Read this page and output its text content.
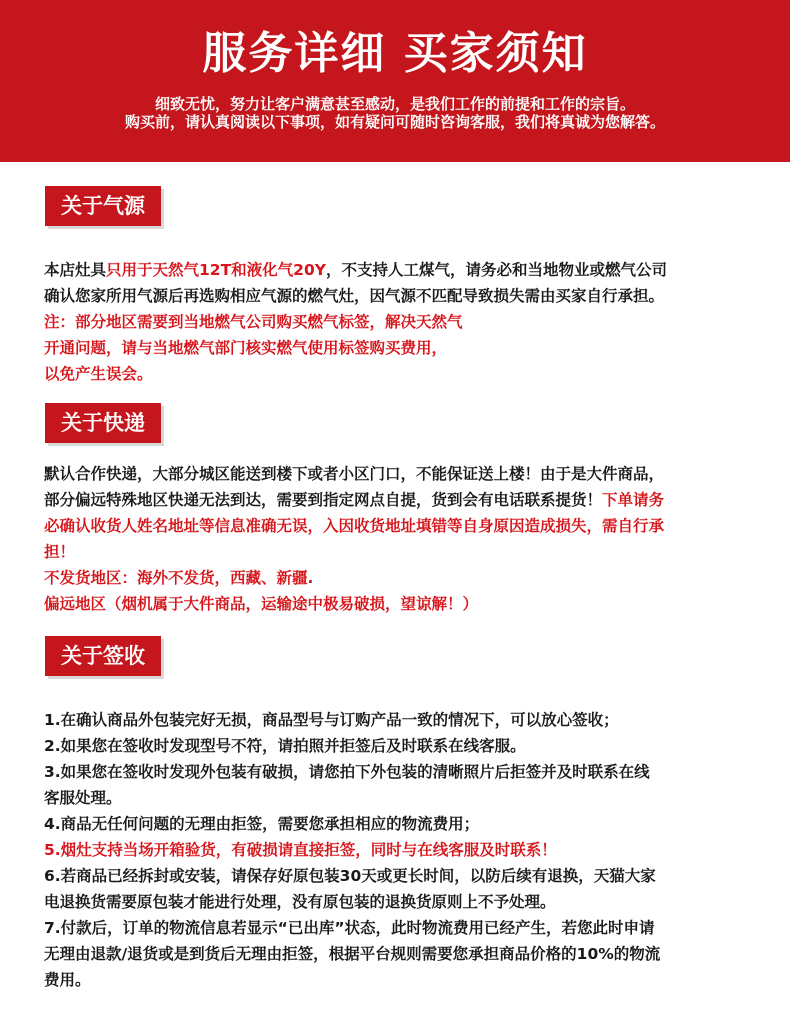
服务详细 买家须知
细致无忧，努力让客户满意甚至感动，是我们工作的前提和工作的宗旨。
购买前，请认真阅读以下事项，如有疑问可随时咨询客服，我们将真诚为您解答。
关于气源

本店灶具只用于天然气12T和液化气20Y，不支持人工煤气，请务必和当地物业或燃气公司

确认您家所用气源后再选购相应气源的燃气灶，因气源不匹配导致损失需由买家自行承担。

注：部分地区需要到当地燃气公司购买燃气标签，解决天然气

开通问题，请与当地燃气部门核实燃气使用标签购买费用，

以免产生误会。

关于快递

默认合作快递，大部分城区能送到楼下或者小区门口，不能保证送上楼！由于是大件商品，

部分偏远特殊地区快递无法到达，需要到指定网点自提，货到会有电话联系提货！下单请务

必确认收货人姓名地址等信息准确无误，入因收货地址填错等自身原因造成损失，需自行承

担！

不发货地区：海外不发货，西藏、新疆.

偏远地区（烟机属于大件商品，运输途中极易破损，望谅解！）

关于签收

1.在确认商品外包装完好无损，商品型号与订购产品一致的情况下，可以放心签收；

2.如果您在签收时发现型号不符，请拍照并拒签后及时联系在线客服。

3.如果您在签收时发现外包装有破损，请您拍下外包装的清晰照片后拒签并及时联系在线

客服处理。

4.商品无任何问题的无理由拒签，需要您承担相应的物流费用；

5.烟灶支持当场开箱验货，有破损请直接拒签，同时与在线客服及时联系！

6.若商品已经拆封或安装，请保存好原包装30天或更长时间，以防后续有退换，天猫大家

电退换货需要原包装才能进行处理，没有原包装的退换货原则上不予处理。

7.付款后，订单的物流信息若显示“已出库”状态，此时物流费用已经产生，若您此时申请

无理由退款/退货或是到货后无理由拒签，根据平台规则需要您承担商品价格的10%的物流

费用。
